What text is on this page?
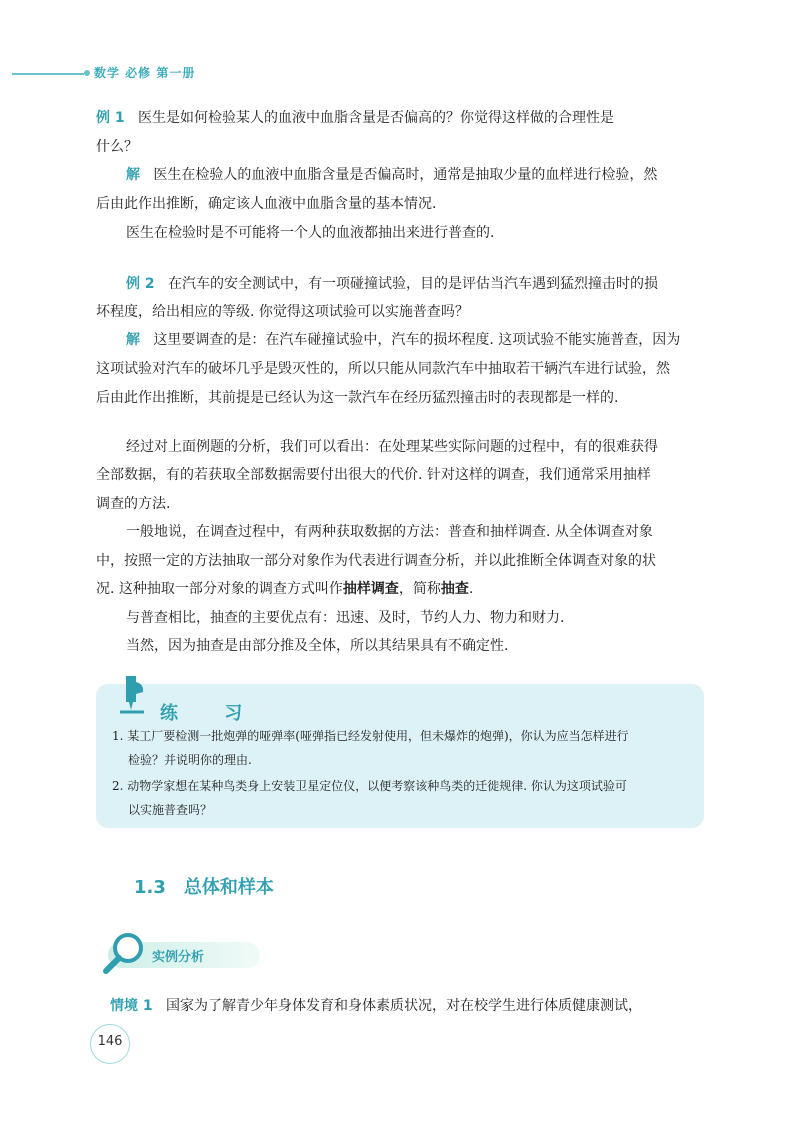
数学 必修 第一册
例 1 医生是如何检验某人的血液中血脂含量是否偏高的？你觉得这样做的合理性是
什么？
解 医生在检验人的血液中血脂含量是否偏高时，通常是抽取少量的血样进行检验，然
后由此作出推断，确定该人血液中血脂含量的基本情况.
医生在检验时是不可能将一个人的血液都抽出来进行普查的.
例 2 在汽车的安全测试中，有一项碰撞试验，目的是评估当汽车遇到猛烈撞击时的损
坏程度，给出相应的等级. 你觉得这项试验可以实施普查吗？
解 这里要调查的是：在汽车碰撞试验中，汽车的损坏程度. 这项试验不能实施普查，因为
这项试验对汽车的破坏几乎是毁灭性的，所以只能从同款汽车中抽取若干辆汽车进行试验，然
后由此作出推断，其前提是已经认为这一款汽车在经历猛烈撞击时的表现都是一样的.
经过对上面例题的分析，我们可以看出：在处理某些实际问题的过程中，有的很难获得
全部数据，有的若获取全部数据需要付出很大的代价. 针对这样的调查，我们通常采用抽样
调查的方法.
一般地说，在调查过程中，有两种获取数据的方法：普查和抽样调查. 从全体调查对象
中，按照一定的方法抽取一部分对象作为代表进行调查分析，并以此推断全体调查对象的状
况. 这种抽取一部分对象的调查方式叫作抽样调查，简称抽查.
与普查相比，抽查的主要优点有：迅速、及时，节约人力、物力和财力.
当然，因为抽查是由部分推及全体，所以其结果具有不确定性.
练 习
1. 某工厂要检测一批炮弹的哑弹率(哑弹指已经发射使用，但未爆炸的炮弹)，你认为应当怎样进行
检验？并说明你的理由.
2. 动物学家想在某种鸟类身上安装卫星定位仪，以便考察该种鸟类的迁徙规律. 你认为这项试验可
以实施普查吗？
1.3 总体和样本
实例分析
情境 1 国家为了解青少年身体发育和身体素质状况，对在校学生进行体质健康测试，
146
